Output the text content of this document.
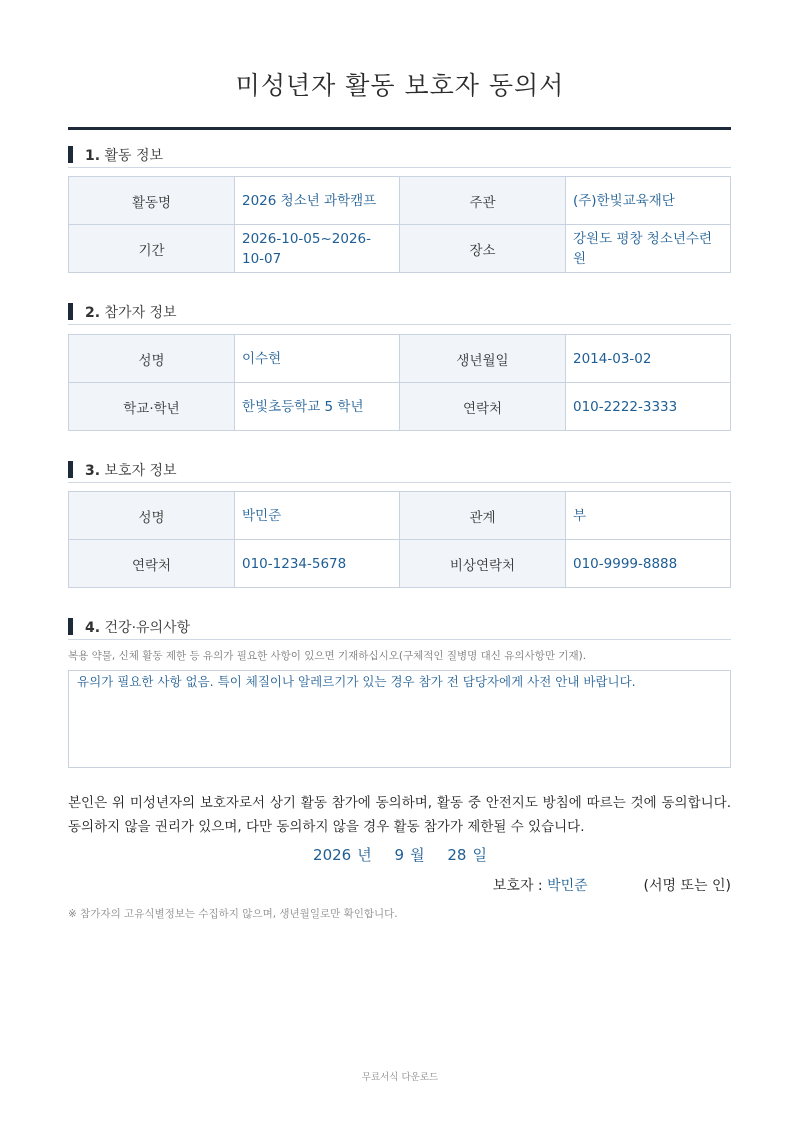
미성년자 활동 보호자 동의서
1. 활동 정보
활동명	2026 청소년 과학캠프	주관	(주)한빛교육재단
기간	2026-10-05~2026-10-07	장소	강원도 평창 청소년수련원
2. 참가자 정보
성명	이수현	생년월일	2014-03-02
학교·학년	한빛초등학교 5 학년	연락처	010-2222-3333
3. 보호자 정보
성명	박민준	관계	부
연락처	010-1234-5678	비상연락처	010-9999-8888
4. 건강·유의사항
복용 약물, 신체 활동 제한 등 유의가 필요한 사항이 있으면 기재하십시오(구체적인 질병명 대신 유의사항만 기재).
유의가 필요한 사항 없음. 특이 체질이나 알레르기가 있는 경우 참가 전 담당자에게 사전 안내 바랍니다.
본인은 위 미성년자의 보호자로서 상기 활동 참가에 동의하며, 활동 중 안전지도 방침에 따르는 것에 동의합니다. 동의하지 않을 권리가 있으며, 다만 동의하지 않을 경우 활동 참가가 제한될 수 있습니다.
2026 년 9 월 28 일
보호자 : 박민준	(서명 또는 인)
※ 참가자의 고유식별정보는 수집하지 않으며, 생년월일로만 확인합니다.
무료서식 다운로드
